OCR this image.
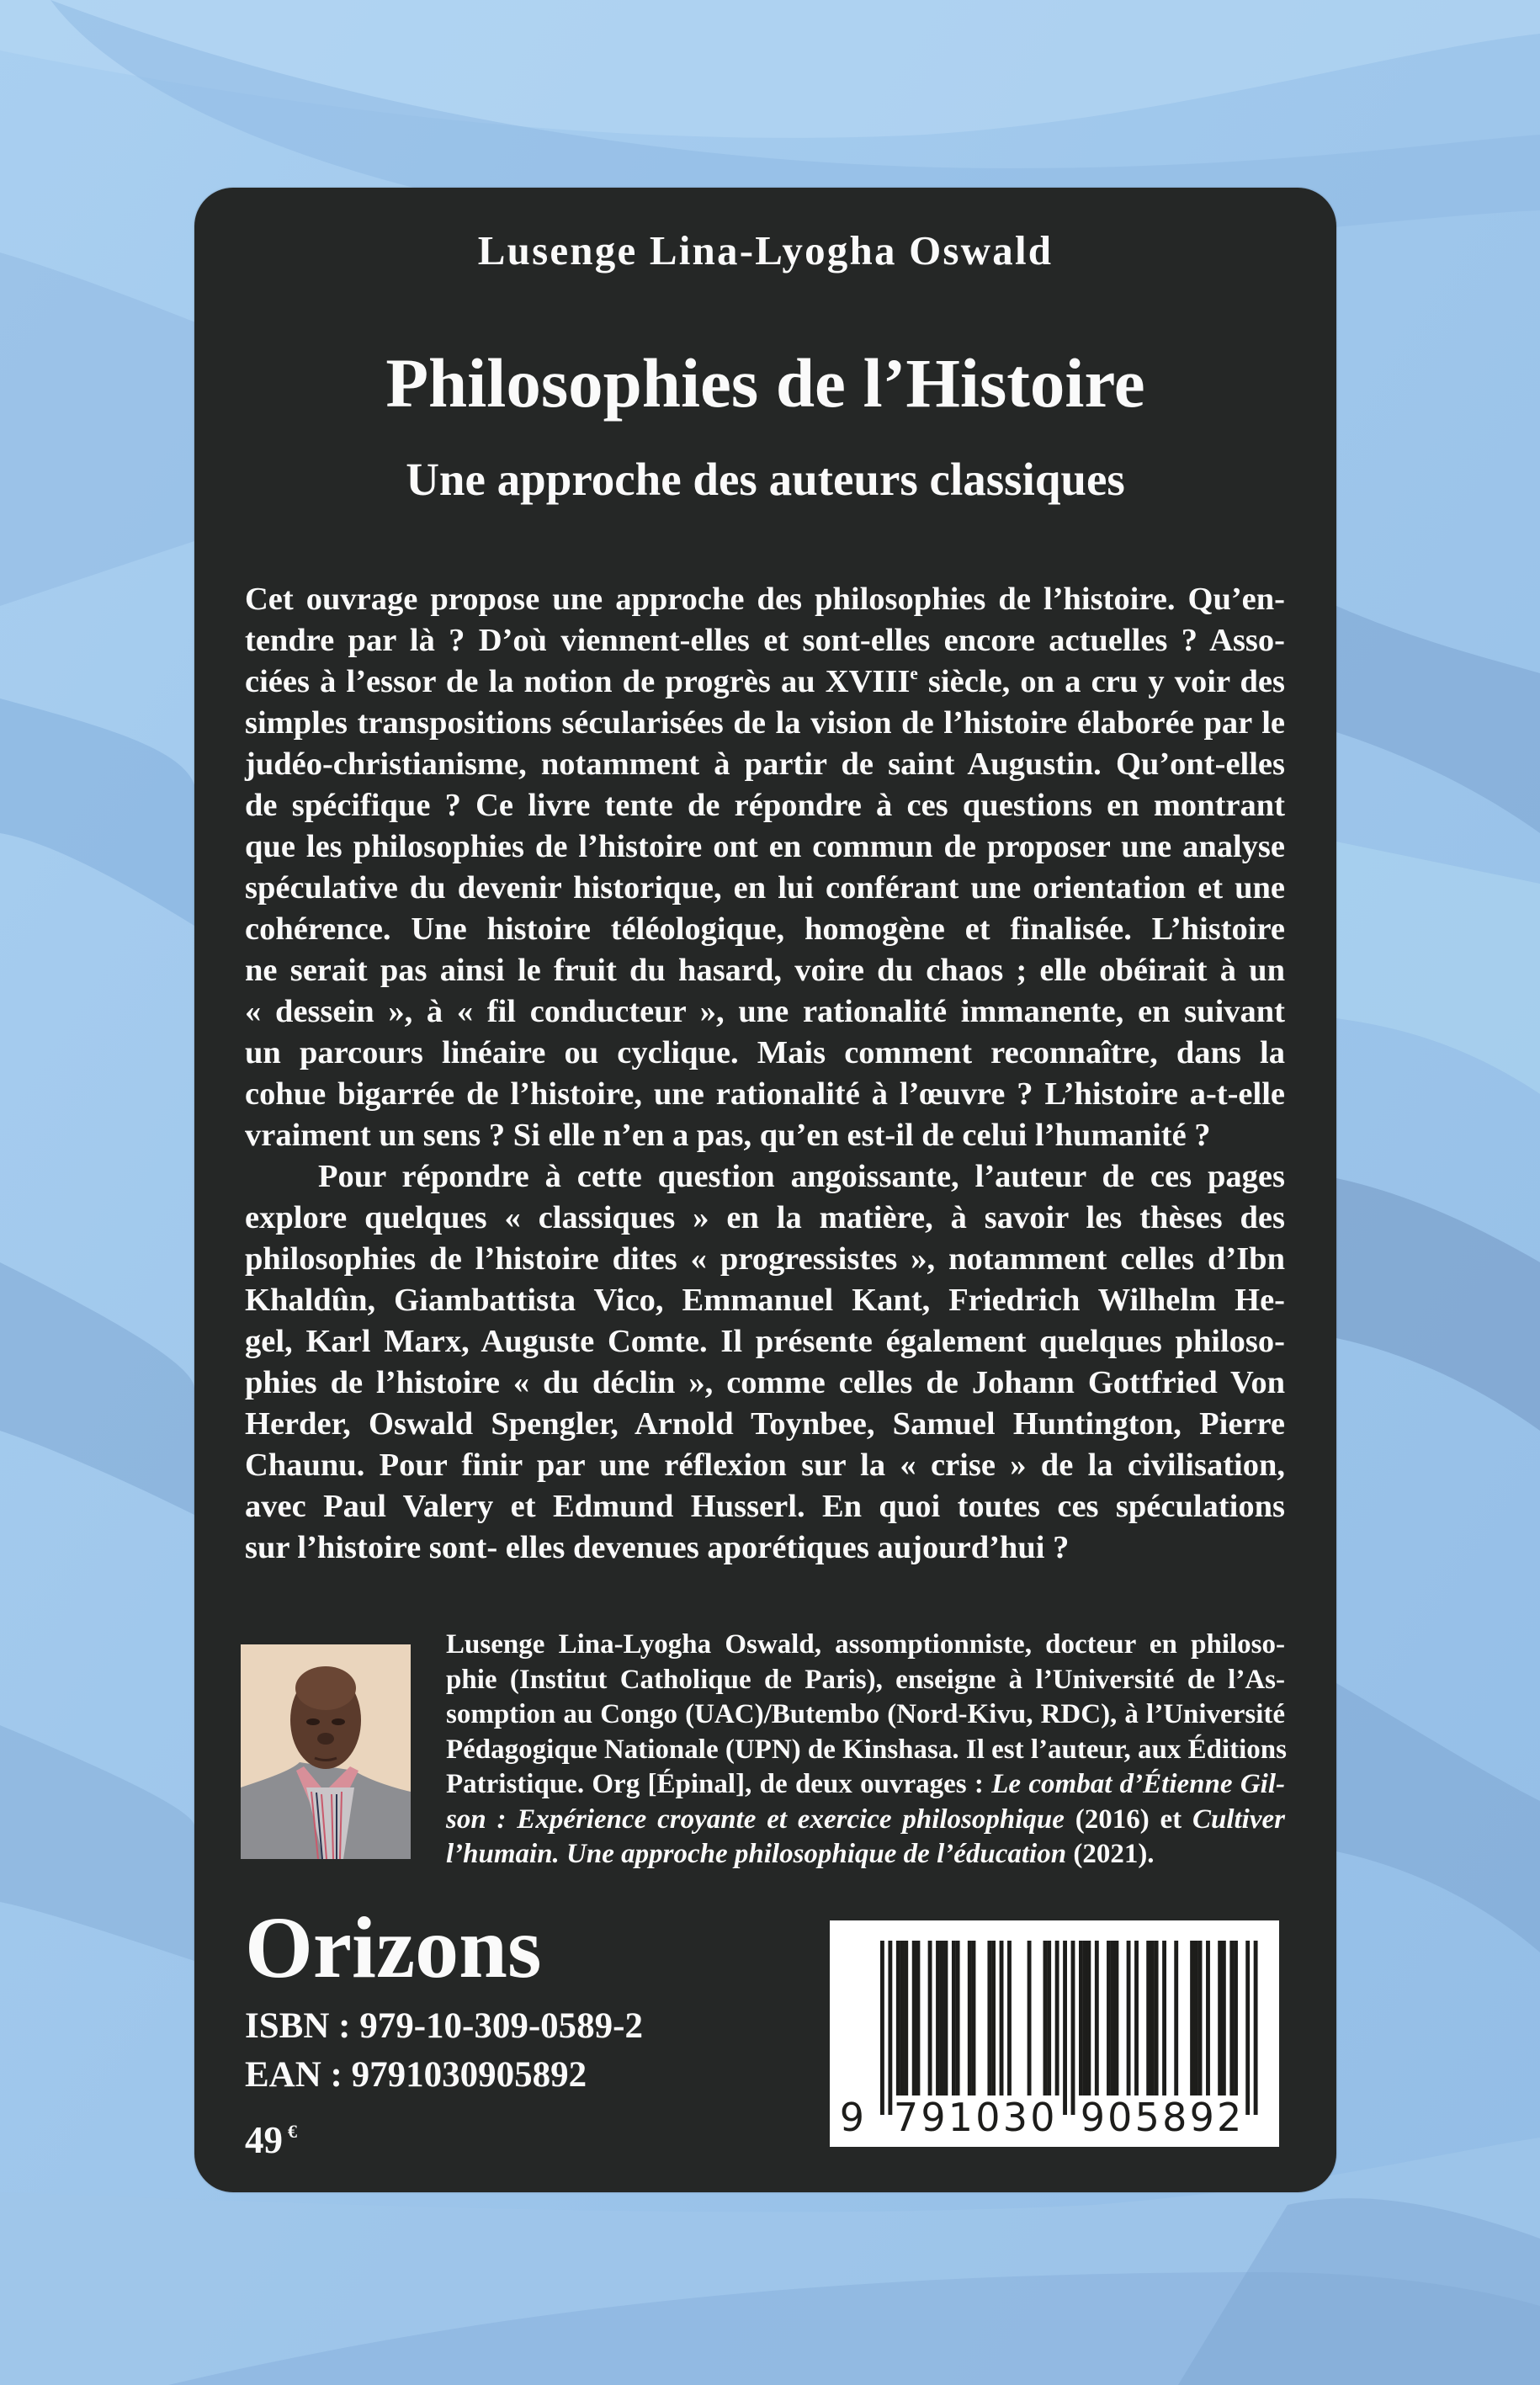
Lusenge Lina-Lyogha Oswald
Philosophies de l’Histoire
Une approche des auteurs classiques
Cet ouvrage propose une approche des philosophies de l’histoire. Qu’en-
tendre par là ? D’où viennent-elles et sont-elles encore actuelles ? Asso-
ciées à l’essor de la notion de progrès au XVIIIe siècle, on a cru y voir des
simples transpositions sécularisées de la vision de l’histoire élaborée par le
judéo-christianisme, notamment à partir de saint Augustin. Qu’ont-elles
de spécifique ? Ce livre tente de répondre à ces questions en montrant
que les philosophies de l’histoire ont en commun de proposer une analyse
spéculative du devenir historique, en lui conférant une orientation et une
cohérence. Une histoire téléologique, homogène et finalisée. L’histoire
ne serait pas ainsi le fruit du hasard, voire du chaos ; elle obéirait à un
« dessein », à « fil conducteur », une rationalité immanente, en suivant
un parcours linéaire ou cyclique. Mais comment reconnaître, dans la
cohue bigarrée de l’histoire, une rationalité à l’œuvre ? L’histoire a-t-elle
vraiment un sens ? Si elle n’en a pas, qu’en est-il de celui l’humanité ?
Pour répondre à cette question angoissante, l’auteur de ces pages
explore quelques « classiques » en la matière, à savoir les thèses des
philosophies de l’histoire dites « progressistes », notamment celles d’Ibn
Khaldûn, Giambattista Vico, Emmanuel Kant, Friedrich Wilhelm He-
gel, Karl Marx, Auguste Comte. Il présente également quelques philoso-
phies de l’histoire « du déclin », comme celles de Johann Gottfried Von
Herder, Oswald Spengler, Arnold Toynbee, Samuel Huntington, Pierre
Chaunu. Pour finir par une réflexion sur la « crise » de la civilisation,
avec Paul Valery et Edmund Husserl. En quoi toutes ces spéculations
sur l’histoire sont- elles devenues aporétiques aujourd’hui ?
Lusenge Lina-Lyogha Oswald, assomptionniste, docteur en philoso-
phie (Institut Catholique de Paris), enseigne à l’Université de l’As-
somption au Congo (UAC)/Butembo (Nord-Kivu, RDC), à l’Université
Pédagogique Nationale (UPN) de Kinshasa. Il est l’auteur, aux Éditions
Patristique. Org [Épinal], de deux ouvrages : Le combat d’Étienne Gil-
son : Expérience croyante et exercice philosophique (2016) et Cultiver
l’humain. Une approche philosophique de l’éducation (2021).
Orizons
ISBN : 979-10-309-0589-2
EAN : 9791030905892
49 €	9 791030 905892
